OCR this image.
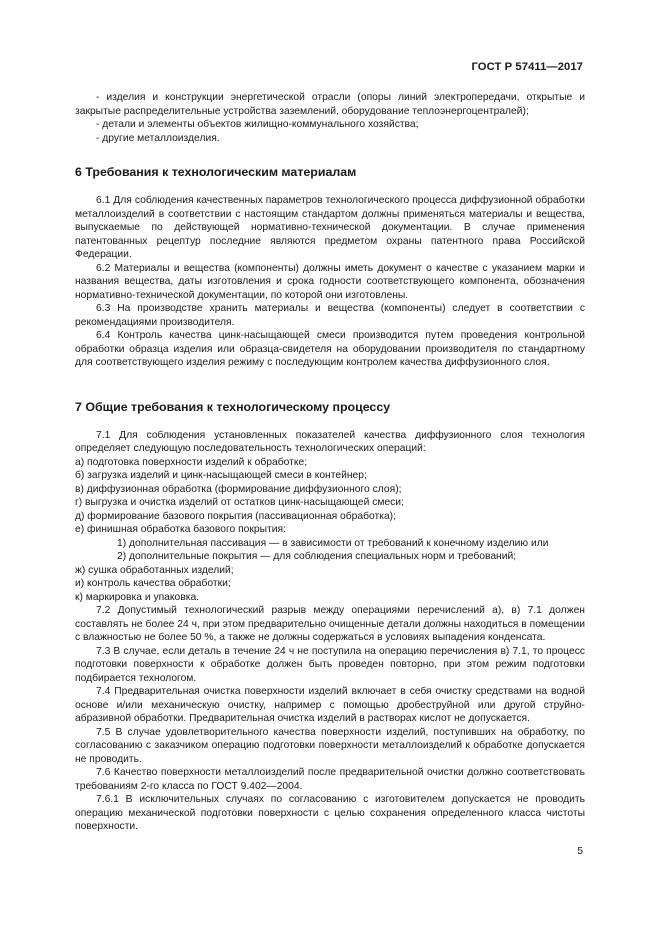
ГОСТ Р 57411—2017

- изделия и конструкции энергетической отрасли (опоры линий электропередачи, открытые и закрытые распределительные устройства заземлений, оборудование теплоэнергоцентралей);

- детали и элементы объектов жилищно-коммунального хозяйства;

- другие металлоизделия.

6 Требования к технологическим материалам

6.1 Для соблюдения качественных параметров технологического процесса диффузионной обработки металлоизделий в соответствии с настоящим стандартом должны применяться материалы и вещества, выпускаемые по действующей нормативно-технической документации. В случае применения патентованных рецептур последние являются предметом охраны патентного права Российской Федерации.

6.2 Материалы и вещества (компоненты) должны иметь документ о качестве с указанием марки и названия вещества, даты изготовления и срока годности соответствующего компонента, обозначения нормативно-технической документации, по которой они изготовлены.

6.3 На производстве хранить материалы и вещества (компоненты) следует в соответствии с рекомендациями производителя.

6.4 Контроль качества цинк-насыщающей смеси производится путем проведения контрольной обработки образца изделия или образца-свидетеля на оборудовании производителя по стандартному для соответствующего изделия режиму с последующим контролем качества диффузионного слоя.

7 Общие требования к технологическому процессу

7.1 Для соблюдения установленных показателей качества диффузионного слоя технология определяет следующую последовательность технологических операций:

а) подготовка поверхности изделий к обработке;

б) загрузка изделий и цинк-насыщающей смеси в контейнер;

в) диффузионная обработка (формирование диффузионного слоя);

г) выгрузка и очистка изделий от остатков цинк-насыщающей смеси;

д) формирование базового покрытия (пассивационная обработка);

е) финишная обработка базового покрытия:

1) дополнительная пассивация — в зависимости от требований к конечному изделию или

2) дополнительные покрытия — для соблюдения специальных норм и требований;

ж) сушка обработанных изделий;

и) контроль качества обработки;

к) маркировка и упаковка.

7.2 Допустимый технологический разрыв между операциями перечислений а), в) 7.1 должен составлять не более 24 ч, при этом предварительно очищенные детали должны находиться в помещении с влажностью не более 50 %, а также не должны содержаться в условиях выпадения конденсата.

7.3 В случае, если деталь в течение 24 ч не поступила на операцию перечисления в) 7.1, то процесс подготовки поверхности к обработке должен быть проведен повторно, при этом режим подготовки подбирается технологом.

7.4 Предварительная очистка поверхности изделий включает в себя очистку средствами на водной основе и/или механическую очистку, например с помощью дробеструйной или другой струйно-абразивной обработки. Предварительная очистка изделий в растворах кислот не допускается.

7.5 В случае удовлетворительного качества поверхности изделий, поступивших на обработку, по согласованию с заказчиком операцию подготовки поверхности металлоизделий к обработке допускается не проводить.

7.6 Качество поверхности металлоизделий после предварительной очистки должно соответствовать требованиям 2-го класса по ГОСТ 9.402—2004.

7.6.1 В исключительных случаях по согласованию с изготовителем допускается не проводить операцию механической подготовки поверхности с целью сохранения определенного класса чистоты поверхности.

5
